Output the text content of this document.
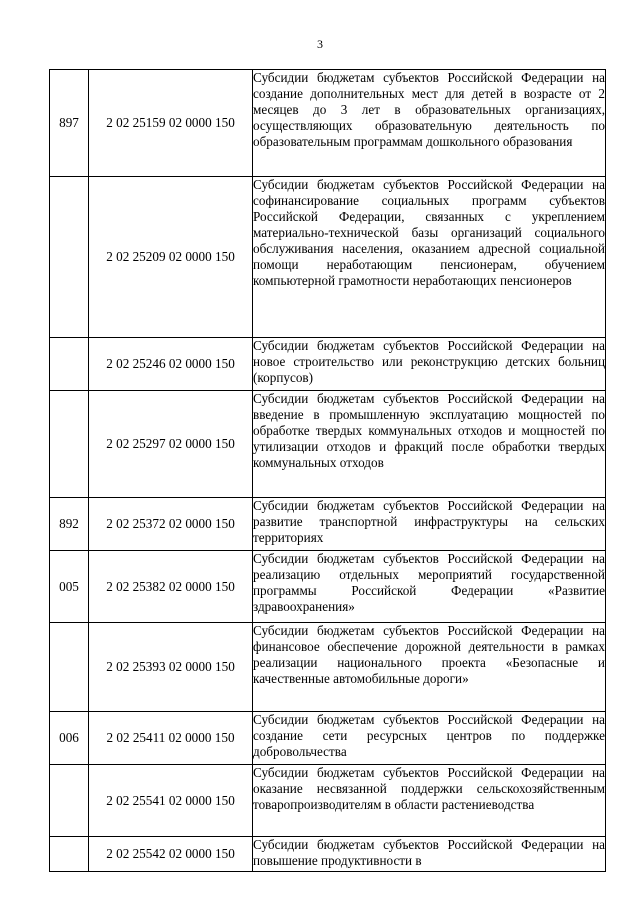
3
897	2 02 25159 02 0000 150	Субсидии бюджетам субъектов Российской Федерации на создание дополнительных мест для детей в возрасте от 2 месяцев до 3 лет в образовательных организациях, осуществляющих образовательную деятельность по образовательным программам дошкольного образования

	2 02 25209 02 0000 150	Субсидии бюджетам субъектов Российской Федерации на софинансирование социальных программ субъектов Российской Федерации, связанных с укреплением материально-технической базы организаций социального обслуживания населения, оказанием адресной социальной помощи неработающим пенсионерам, обучением компьютерной грамотности неработающих пенсионеров

	2 02 25246 02 0000 150	Субсидии бюджетам субъектов Российской Федерации на новое строительство или реконструкцию детских больниц (корпусов)

	2 02 25297 02 0000 150	Субсидии бюджетам субъектов Российской Федерации на введение в промышленную эксплуатацию мощностей по обработке твердых коммунальных отходов и мощностей по утилизации отходов и фракций после обработки твердых коммунальных отходов

892	2 02 25372 02 0000 150	Субсидии бюджетам субъектов Российской Федерации на развитие транспортной инфраструктуры на сельских территориях

005	2 02 25382 02 0000 150	Субсидии бюджетам субъектов Российской Федерации на реализацию отдельных мероприятий государственной программы Российской Федерации «Развитие здравоохранения»

	2 02 25393 02 0000 150	Субсидии бюджетам субъектов Российской Федерации на финансовое обеспечение дорожной деятельности в рамках реализации национального проекта «Безопасные и качественные автомобильные дороги»

006	2 02 25411 02 0000 150	Субсидии бюджетам субъектов Российской Федерации на создание сети ресурсных центров по поддержке добровольчества

	2 02 25541 02 0000 150	Субсидии бюджетам субъектов Российской Федерации на оказание несвязанной поддержки сельскохозяйственным товаропроизводителям в области растениеводства

	2 02 25542 02 0000 150	Субсидии бюджетам субъектов Российской Федерации на повышение продуктивности в
